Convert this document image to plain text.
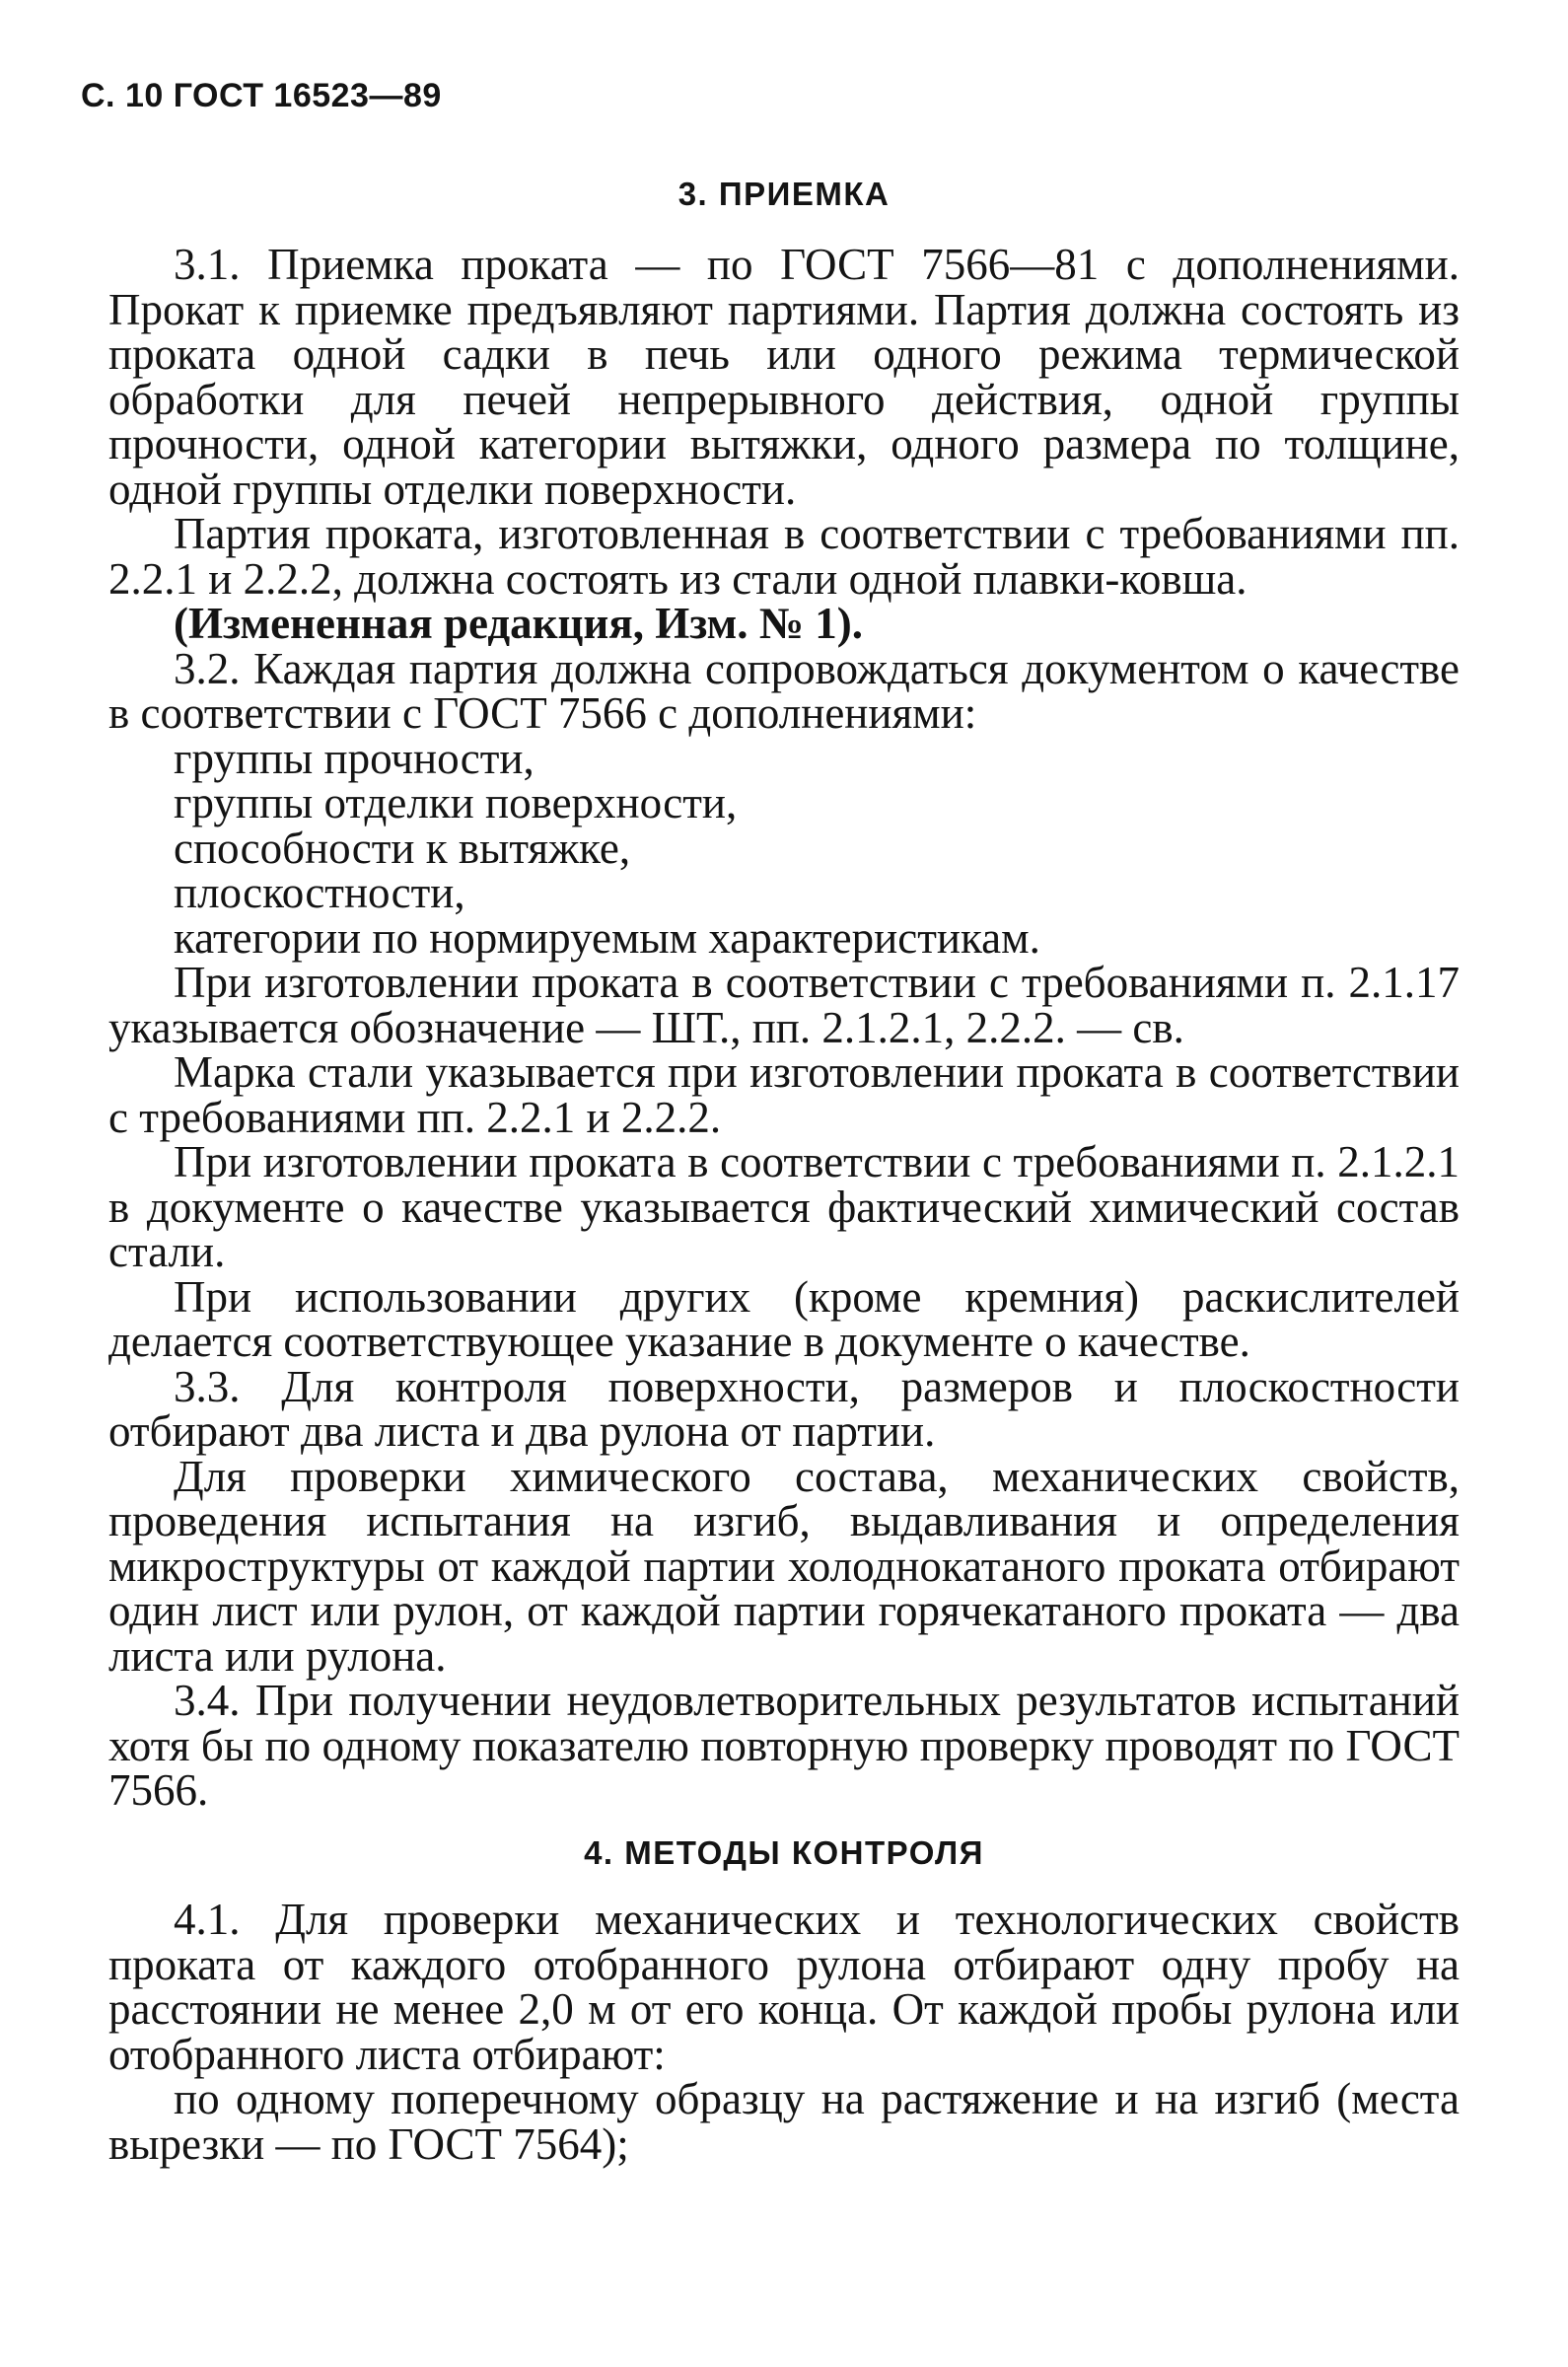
С. 10 ГОСТ 16523—89
3. ПРИЕМКА

3.1. Приемка проката — по ГОСТ 7566—81 с дополнениями. Прокат к приемке предъявляют партиями. Партия должна состоять из проката одной садки в печь или одного режима термической обработки для печей непрерывного действия, одной группы прочности, одной категории вытяжки, одного размера по толщине, одной группы отделки поверхности.

Партия проката, изготовленная в соответствии с требованиями пп. 2.2.1 и 2.2.2, должна состоять из стали одной плавки-ковша.

(Измененная редакция, Изм. № 1).

3.2. Каждая партия должна сопровождаться документом о качестве в соответствии с ГОСТ 7566 с дополнениями:

группы прочности,

группы отделки поверхности,

способности к вытяжке,

плоскостности,

категории по нормируемым характеристикам.

При изготовлении проката в соответствии с требованиями п. 2.1.17 указывается обозначение — ШТ., пп. 2.1.2.1, 2.2.2. — св.

Марка стали указывается при изготовлении проката в соответствии с требованиями пп. 2.2.1 и 2.2.2.

При изготовлении проката в соответствии с требованиями п. 2.1.2.1 в документе о качестве указывается фактический химический состав стали.

При использовании других (кроме кремния) раскислителей делается соответствующее указание в документе о качестве.

3.3. Для контроля поверхности, размеров и плоскостности отбирают два листа и два рулона от партии.

Для проверки химического состава, механических свойств, проведения испытания на изгиб, выдавливания и определения микроструктуры от каждой партии холоднокатаного проката отбирают один лист или рулон, от каждой партии горячекатаного проката — два листа или рулона.

3.4. При получении неудовлетворительных результатов испытаний хотя бы по одному показателю повторную проверку проводят по ГОСТ 7566.

4. МЕТОДЫ КОНТРОЛЯ

4.1. Для проверки механических и технологических свойств проката от каждого отобранного рулона отбирают одну пробу на расстоянии не менее 2,0 м от его конца. От каждой пробы рулона или отобранного листа отбирают:

по одному поперечному образцу на растяжение и на изгиб (места вырезки — по ГОСТ 7564);
